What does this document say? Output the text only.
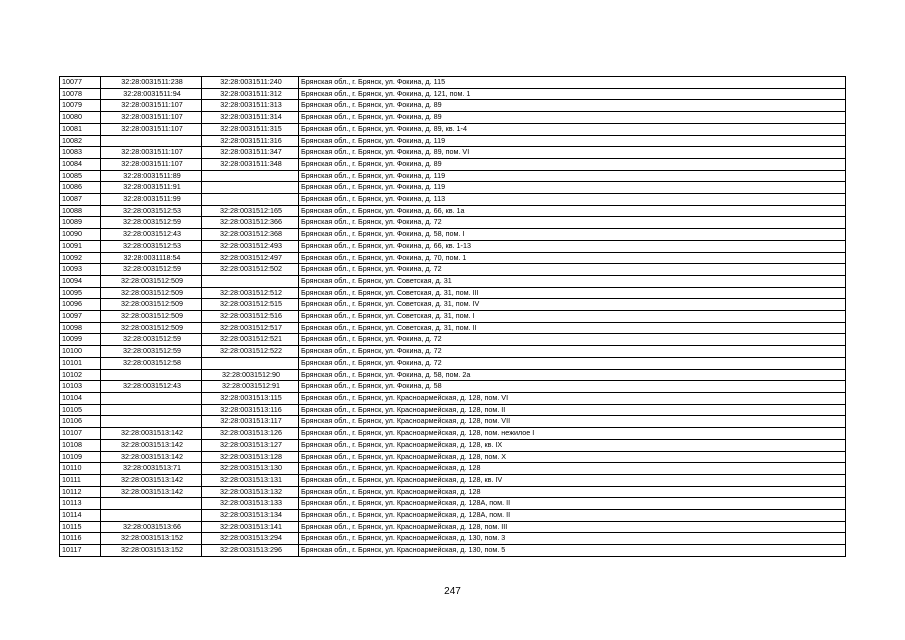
10077	32:28:0031511:238	32:28:0031511:240	Брянская обл., г. Брянск, ул. Фокина, д. 115
10078	32:28:0031511:94	32:28:0031511:312	Брянская обл., г. Брянск, ул. Фокина, д. 121, пом. 1
10079	32:28:0031511:107	32:28:0031511:313	Брянская обл., г. Брянск, ул. Фокина, д. 89
10080	32:28:0031511:107	32:28:0031511:314	Брянская обл., г. Брянск, ул. Фокина, д. 89
10081	32:28:0031511:107	32:28:0031511:315	Брянская обл., г. Брянск, ул. Фокина, д. 89, кв. 1-4
10082		32:28:0031511:316	Брянская обл., г. Брянск, ул. Фокина, д. 119
10083	32:28:0031511:107	32:28:0031511:347	Брянская обл., г. Брянск, ул. Фокина, д. 89, пом. VI
10084	32:28:0031511:107	32:28:0031511:348	Брянская обл., г. Брянск, ул. Фокина, д. 89
10085	32:28:0031511:89		Брянская обл., г. Брянск, ул. Фокина, д. 119
10086	32:28:0031511:91		Брянская обл., г. Брянск, ул. Фокина, д. 119
10087	32:28:0031511:99		Брянская обл., г. Брянск, ул. Фокина, д. 113
10088	32:28:0031512:53	32:28:0031512:165	Брянская обл., г. Брянск, ул. Фокина, д. 66, кв. 1а
10089	32:28:0031512:59	32:28:0031512:366	Брянская обл., г. Брянск, ул. Фокина, д. 72
10090	32:28:0031512:43	32:28:0031512:368	Брянская обл., г. Брянск, ул. Фокина, д. 58, пом. I
10091	32:28:0031512:53	32:28:0031512:493	Брянская обл., г. Брянск, ул. Фокина, д. 66, кв. 1-13
10092	32:28:0031118:54	32:28:0031512:497	Брянская обл., г. Брянск, ул. Фокина, д. 70, пом. 1
10093	32:28:0031512:59	32:28:0031512:502	Брянская обл., г. Брянск, ул. Фокина, д. 72
10094	32:28:0031512:509		Брянская обл., г. Брянск, ул. Советская, д. 31
10095	32:28:0031512:509	32:28:0031512:512	Брянская обл., г. Брянск, ул. Советская, д. 31, пом. III
10096	32:28:0031512:509	32:28:0031512:515	Брянская обл., г. Брянск, ул. Советская, д. 31, пом. IV
10097	32:28:0031512:509	32:28:0031512:516	Брянская обл., г. Брянск, ул. Советская, д. 31, пом. I
10098	32:28:0031512:509	32:28:0031512:517	Брянская обл., г. Брянск, ул. Советская, д. 31, пом. II
10099	32:28:0031512:59	32:28:0031512:521	Брянская обл., г. Брянск, ул. Фокина, д. 72
10100	32:28:0031512:59	32:28:0031512:522	Брянская обл., г. Брянск, ул. Фокина, д. 72
10101	32:28:0031512:58		Брянская обл., г. Брянск, ул. Фокина, д. 72
10102		32:28:0031512:90	Брянская обл., г. Брянск, ул. Фокина, д. 58, пом. 2а
10103	32:28:0031512:43	32:28:0031512:91	Брянская обл., г. Брянск, ул. Фокина, д. 58
10104		32:28:0031513:115	Брянская обл., г. Брянск, ул. Красноармейская, д. 128, пом. VI
10105		32:28:0031513:116	Брянская обл., г. Брянск, ул. Красноармейская, д. 128, пом. II
10106		32:28:0031513:117	Брянская обл., г. Брянск, ул. Красноармейская, д. 128, пом. VII
10107	32:28:0031513:142	32:28:0031513:126	Брянская обл., г. Брянск, ул. Красноармейская, д. 128, пом. нежилое I
10108	32:28:0031513:142	32:28:0031513:127	Брянская обл., г. Брянск, ул. Красноармейская, д. 128, кв. IX
10109	32:28:0031513:142	32:28:0031513:128	Брянская обл., г. Брянск, ул. Красноармейская, д. 128, пом. X
10110	32:28:0031513:71	32:28:0031513:130	Брянская обл., г. Брянск, ул. Красноармейская, д. 128
10111	32:28:0031513:142	32:28:0031513:131	Брянская обл., г. Брянск, ул. Красноармейская, д. 128, кв. IV
10112	32:28:0031513:142	32:28:0031513:132	Брянская обл., г. Брянск, ул. Красноармейская, д. 128
10113		32:28:0031513:133	Брянская обл., г. Брянск, ул. Красноармейская, д. 128А, пом. II
10114		32:28:0031513:134	Брянская обл., г. Брянск, ул. Красноармейская, д. 128А, пом. II
10115	32:28:0031513:66	32:28:0031513:141	Брянская обл., г. Брянск, ул. Красноармейская, д. 128, пом. III
10116	32:28:0031513:152	32:28:0031513:294	Брянская обл., г. Брянск, ул. Красноармейская, д. 130, пом. 3
10117	32:28:0031513:152	32:28:0031513:296	Брянская обл., г. Брянск, ул. Красноармейская, д. 130, пом. 5
247
